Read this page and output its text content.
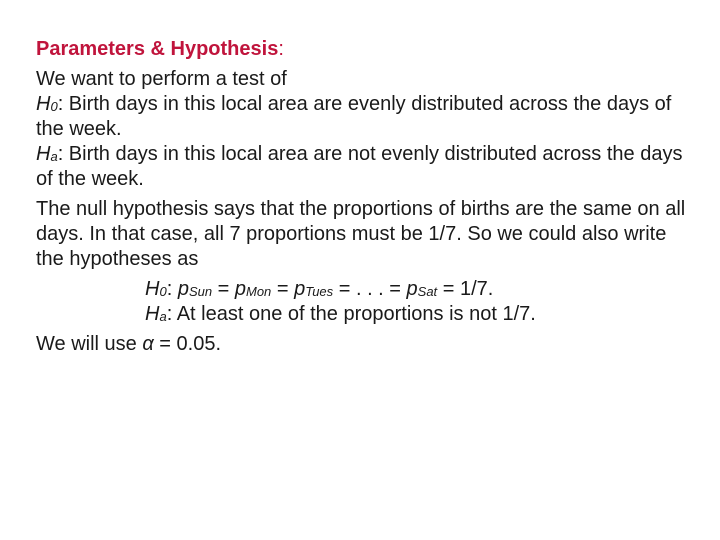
Parameters & Hypothesis:
We want to perform a test of
$H_0$: Birth days in this local area are evenly distributed across the days of the week.
$H_a$: Birth days in this local area are not evenly distributed across the days of the week.
The null hypothesis says that the proportions of births are the same on all days. In that case, all 7 proportions must be 1/7. So we could also write the hypotheses as
$H_0$: $p_{Sun} = p_{Mon} = p_{Tues}$ = . . . = $p_{Sat} = 1/7$.
$H_a$: At least one of the proportions is not 1/7.
We will use α = 0.05.
